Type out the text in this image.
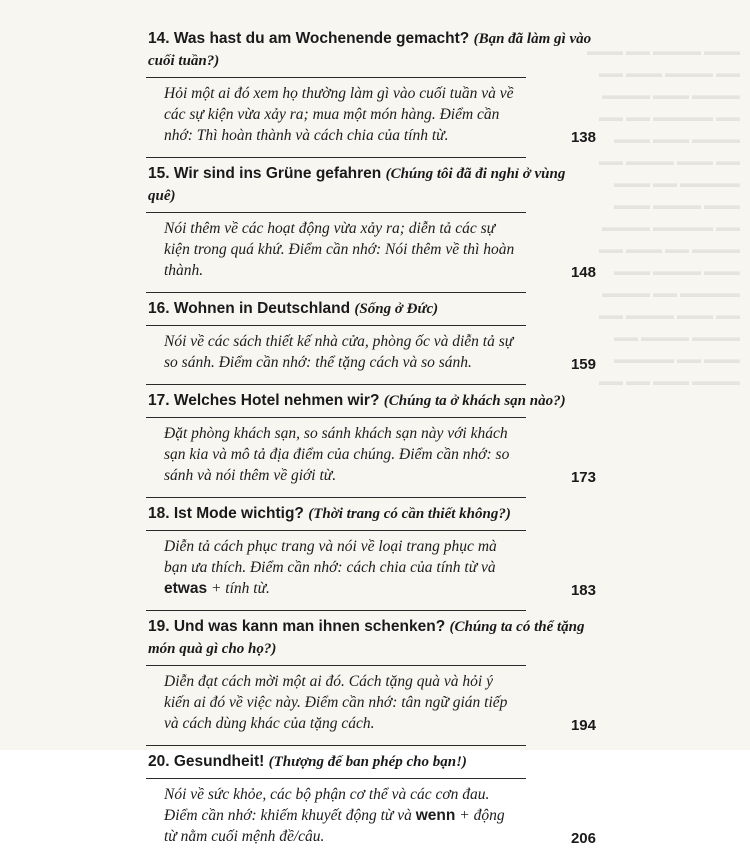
▬▬▬ ▬▬▬▬ ▬▬ ▬▬▬
▬▬ ▬▬▬▬ ▬▬▬ ▬▬
▬▬▬▬ ▬▬▬ ▬▬▬▬
▬▬ ▬▬▬▬▬ ▬▬ ▬▬
▬▬▬▬ ▬▬▬ ▬▬▬
▬▬ ▬▬▬ ▬▬▬▬ ▬▬
▬▬▬▬▬ ▬▬ ▬▬▬
▬▬▬ ▬▬▬▬ ▬▬▬
▬▬ ▬▬▬▬▬ ▬▬▬▬
▬▬▬▬ ▬▬ ▬▬▬ ▬▬
▬▬▬ ▬▬▬▬ ▬▬▬
▬▬▬▬▬ ▬▬ ▬▬▬▬
▬▬ ▬▬▬ ▬▬▬▬ ▬▬
▬▬▬▬ ▬▬▬▬ ▬▬
▬▬▬ ▬▬ ▬▬▬▬▬
▬▬▬▬ ▬▬▬ ▬▬ ▬▬
14. Was hast du am Wochenende gemacht? (Bạn đã làm gì vào cuối tuần?)
Hỏi một ai đó xem họ thường làm gì vào cuối tuần và về các sự kiện vừa xảy ra; mua một món hàng. Điểm cần nhớ: Thì hoàn thành và cách chia của tính từ.	138
15. Wir sind ins Grüne gefahren (Chúng tôi đã đi nghỉ ở vùng quê)
Nói thêm về các hoạt động vừa xảy ra; diễn tả các sự kiện trong quá khứ. Điểm cần nhớ: Nói thêm về thì hoàn thành.	148
16. Wohnen in Deutschland (Sống ở Đức)
Nói về các sách thiết kế nhà cửa, phòng ốc và diễn tả sự so sánh. Điểm cần nhớ: thể tặng cách và so sánh.	159
17. Welches Hotel nehmen wir? (Chúng ta ở khách sạn nào?)
Đặt phòng khách sạn, so sánh khách sạn này với khách sạn kia và mô tả địa điểm của chúng. Điểm cần nhớ: so sánh và nói thêm về giới từ.	173
18. Ist Mode wichtig? (Thời trang có cần thiết không?)
Diễn tả cách phục trang và nói về loại trang phục mà bạn ưa thích. Điểm cần nhớ: cách chia của tính từ và etwas + tính từ.	183
19. Und was kann man ihnen schenken? (Chúng ta có thể tặng món quà gì cho họ?)
Diễn đạt cách mời một ai đó. Cách tặng quà và hỏi ý kiến ai đó về việc này. Điểm cần nhớ: tân ngữ gián tiếp và cách dùng khác của tặng cách.	194
20. Gesundheit! (Thượng đế ban phép cho bạn!)
Nói về sức khỏe, các bộ phận cơ thể và các cơn đau. Điểm cần nhớ: khiếm khuyết động từ và wenn + động từ nằm cuối mệnh đề/câu.	206
